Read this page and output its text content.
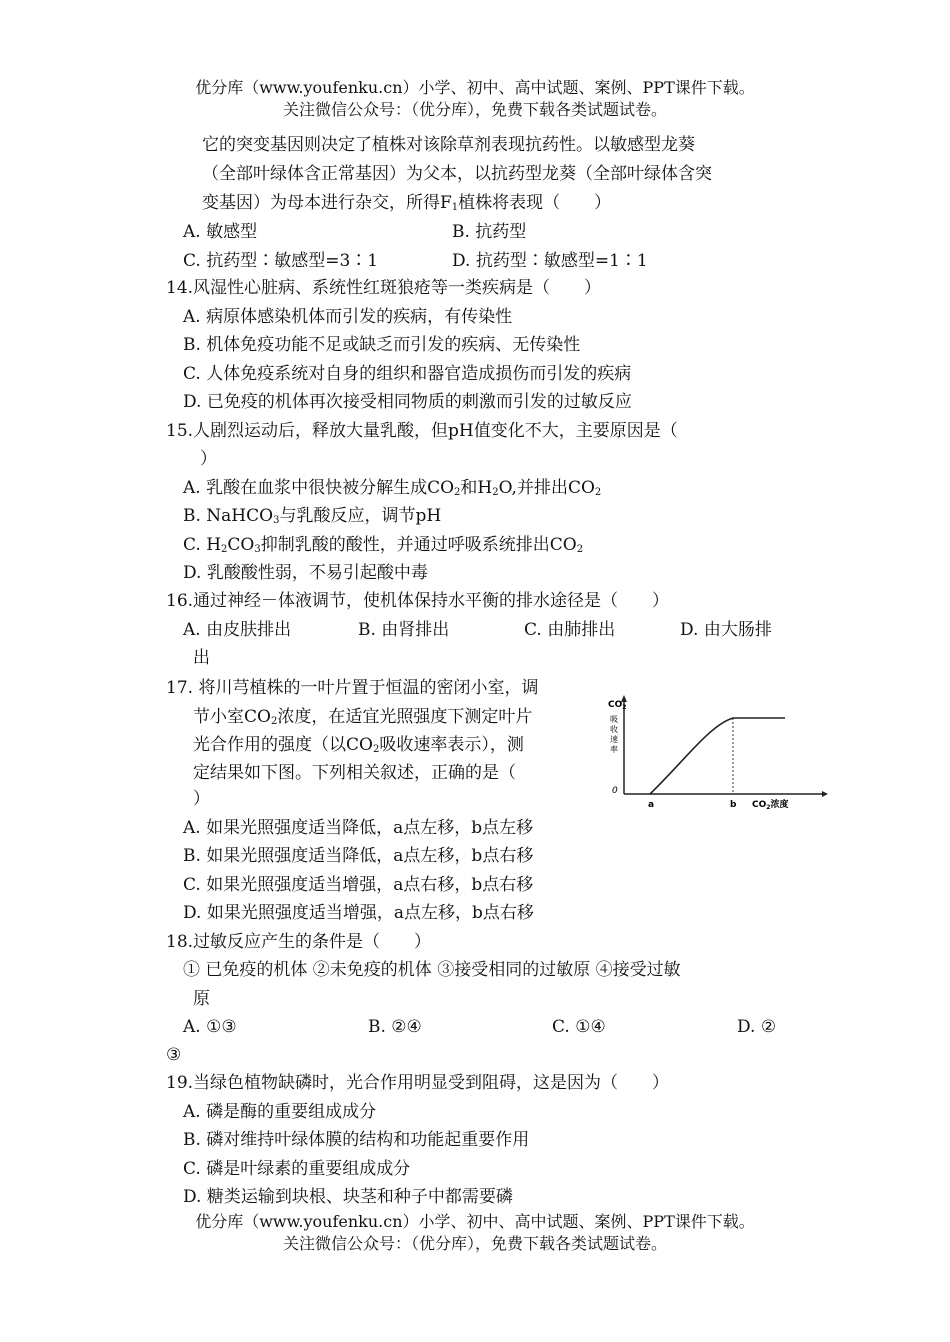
优分库（www.youfenku.cn）小学、初中、高中试题、案例、PPT课件下载。
关注微信公众号：（优分库），免费下载各类试题试卷。
它的突变基因则决定了植株对该除草剂表现抗药性。以敏感型龙葵
（全部叶绿体含正常基因）为父本，以抗药型龙葵（全部叶绿体含突
变基因）为母本进行杂交，所得$F_1$植株将表现（　　）
A. 敏感型	B. 抗药型
C. 抗药型∶敏感型=3∶1	D. 抗药型∶敏感型=1∶1
14.风湿性心脏病、系统性红斑狼疮等一类疾病是（　　）
A. 病原体感染机体而引发的疾病，有传染性
B. 机体免疫功能不足或缺乏而引发的疾病、无传染性
C. 人体免疫系统对自身的组织和器官造成损伤而引发的疾病
D. 已免疫的机体再次接受相同物质的刺激而引发的过敏反应
15.人剧烈运动后，释放大量乳酸，但pH值变化不大，主要原因是（
）
A. 乳酸在血浆中很快被分解生成$CO_2$和$H_2O$,并排出$CO_2$
B. NaHCO$_3$与乳酸反应，调节pH
C. $H_2CO_3$抑制乳酸的酸性，并通过呼吸系统排出$CO_2$
D. 乳酸酸性弱，不易引起酸中毒
16.通过神经－体液调节，使机体保持水平衡的排水途径是（　　）
A. 由皮肤排出	B. 由肾排出	C. 由肺排出	D. 由大肠排
出
17. 将川芎植株的一叶片置于恒温的密闭小室，调
节小室$CO_2$浓度，在适宜光照强度下测定叶片
光合作用的强度（以$CO_2$吸收速率表示），测
定结果如下图。下列相关叙述，正确的是（
）
$CO_2$
吸
收
速
率
0
a	b $CO_2$浓度
A. 如果光照强度适当降低，a点左移，b点左移
B. 如果光照强度适当降低，a点左移，b点右移
C. 如果光照强度适当增强，a点右移，b点右移
D. 如果光照强度适当增强，a点左移，b点右移
18.过敏反应产生的条件是（　　）
① 已免疫的机体 ②未免疫的机体 ③接受相同的过敏原 ④接受过敏
原
A. ①③	B. ②④	C. ①④	D. ②
③
19.当绿色植物缺磷时，光合作用明显受到阻碍，这是因为（　　）
A. 磷是酶的重要组成成分
B. 磷对维持叶绿体膜的结构和功能起重要作用
C. 磷是叶绿素的重要组成成分
D. 糖类运输到块根、块茎和种子中都需要磷
优分库（www.youfenku.cn）小学、初中、高中试题、案例、PPT课件下载。
关注微信公众号：（优分库），免费下载各类试题试卷。
